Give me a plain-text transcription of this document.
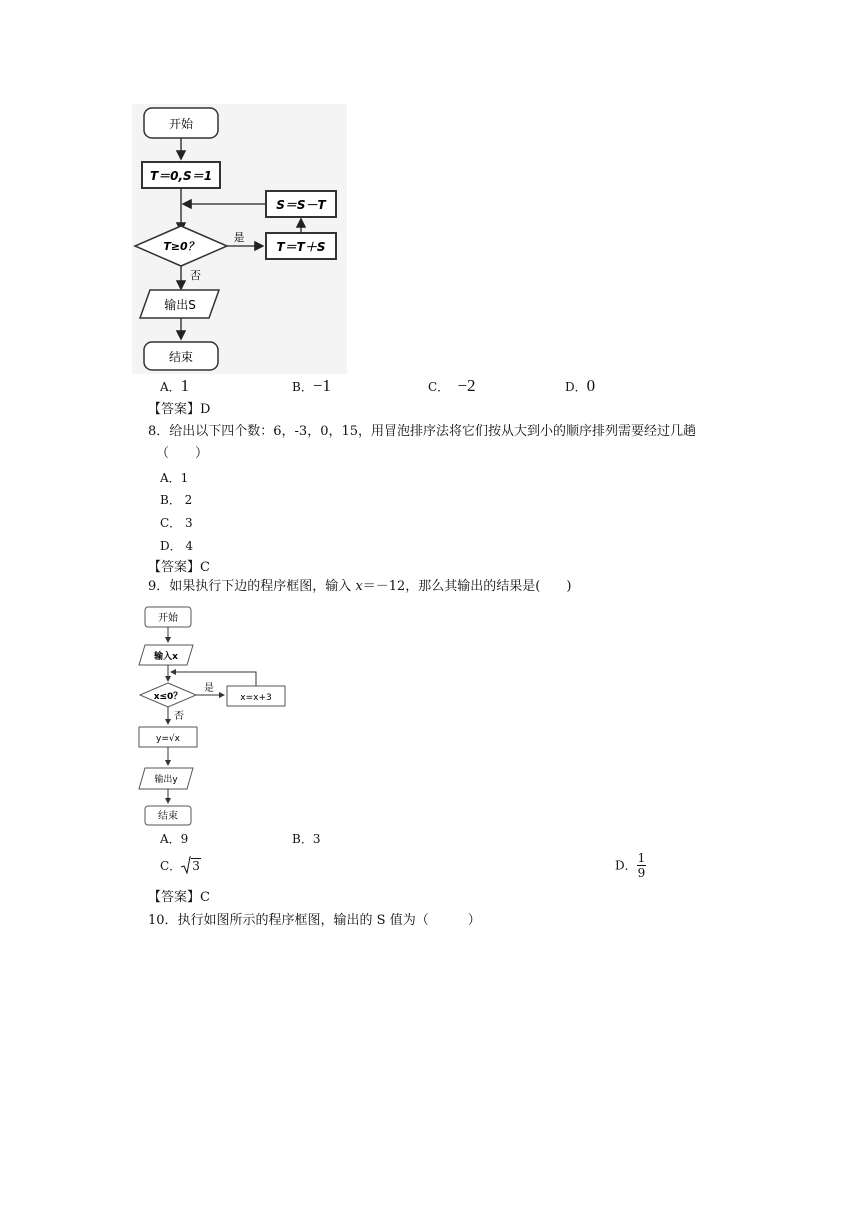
开始
T＝0,S＝1
S＝S－T
T≥0？
是
T＝T＋S
否
输出S
结束
A．1	B．−1	C． −2	D．0
【答案】D
8．给出以下四个数：6，-3，0，15，用冒泡排序法将它们按从大到小的顺序排列需要经过几趟
（　　）
A．1
B． 2
C． 3
D． 4
【答案】C
9．如果执行下边的程序框图，输入 x＝－12，那么其输出的结果是(　　)
开始
输入x
x≤0？
是
x=x+3
否
y=√x
输出y
结束
A．9	B．3
C． 3	D． $\frac{1}{9}$
【答案】C
10．执行如图所示的程序框图，输出的 S 值为（　　　）
